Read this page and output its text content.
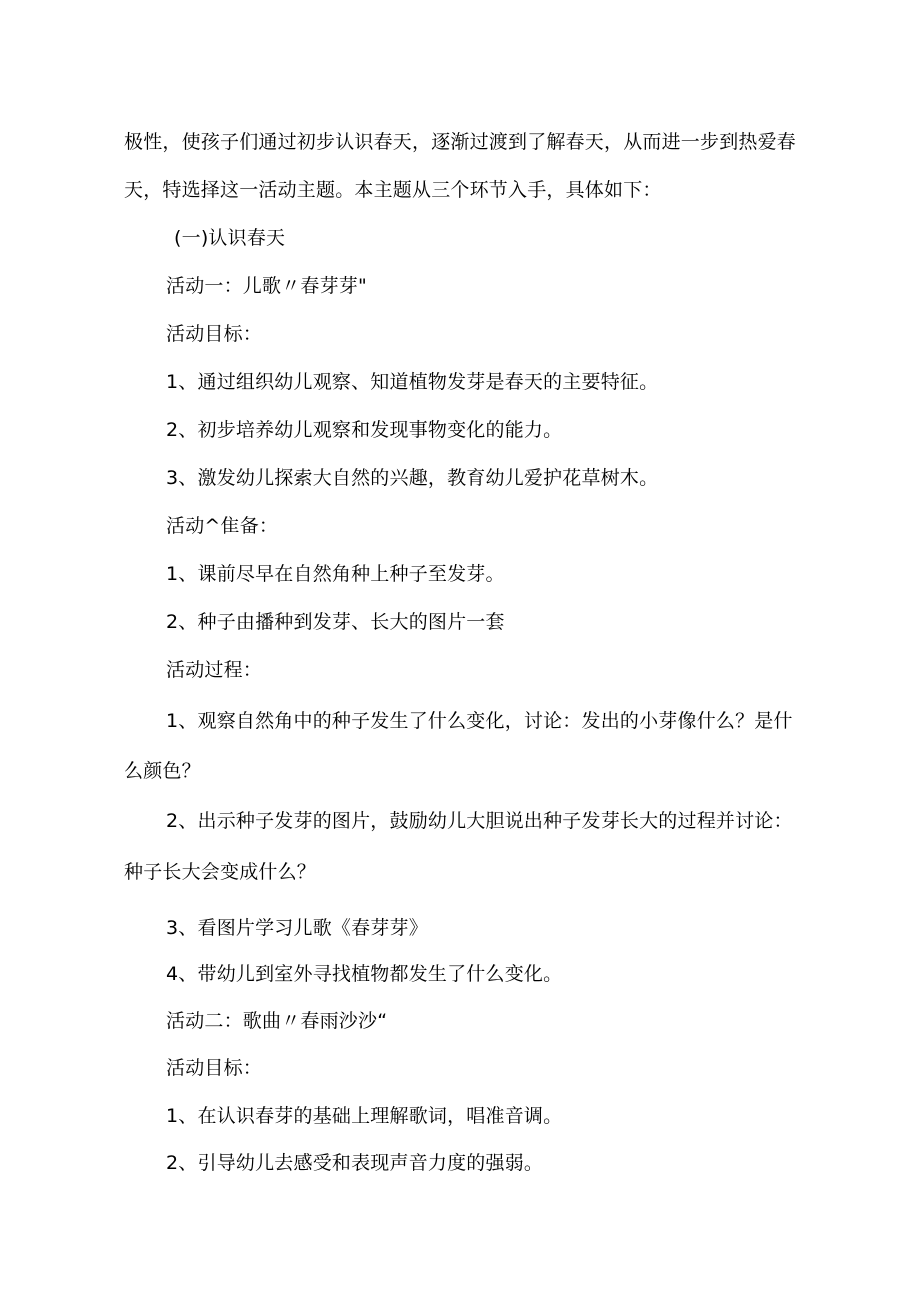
极性，使孩子们通过初步认识春天，逐渐过渡到了解春天，从而进一步到热爱春
天，特选择这一活动主题。本主题从三个环节入手，具体如下：
(一)认识春天
活动一：儿歌〃春芽芽"
活动目标：
1、通过组织幼儿观察、知道植物发芽是春天的主要特征。
2、初步培养幼儿观察和发现事物变化的能力。
3、激发幼儿探索大自然的兴趣，教育幼儿爱护花草树木。
活动^隹备：
1、课前尽早在自然角种上种子至发芽。
2、种子由播种到发芽、长大的图片一套
活动过程：
1、观察自然角中的种子发生了什么变化，讨论：发出的小芽像什么？是什
么颜色？
2、出示种子发芽的图片，鼓励幼儿大胆说出种子发芽长大的过程并讨论：
种子长大会变成什么？
3、看图片学习儿歌《春芽芽》
4、带幼儿到室外寻找植物都发生了什么变化。
活动二：歌曲〃春雨沙沙“
活动目标：
1、在认识春芽的基础上理解歌词，唱准音调。
2、引导幼儿去感受和表现声音力度的强弱。
